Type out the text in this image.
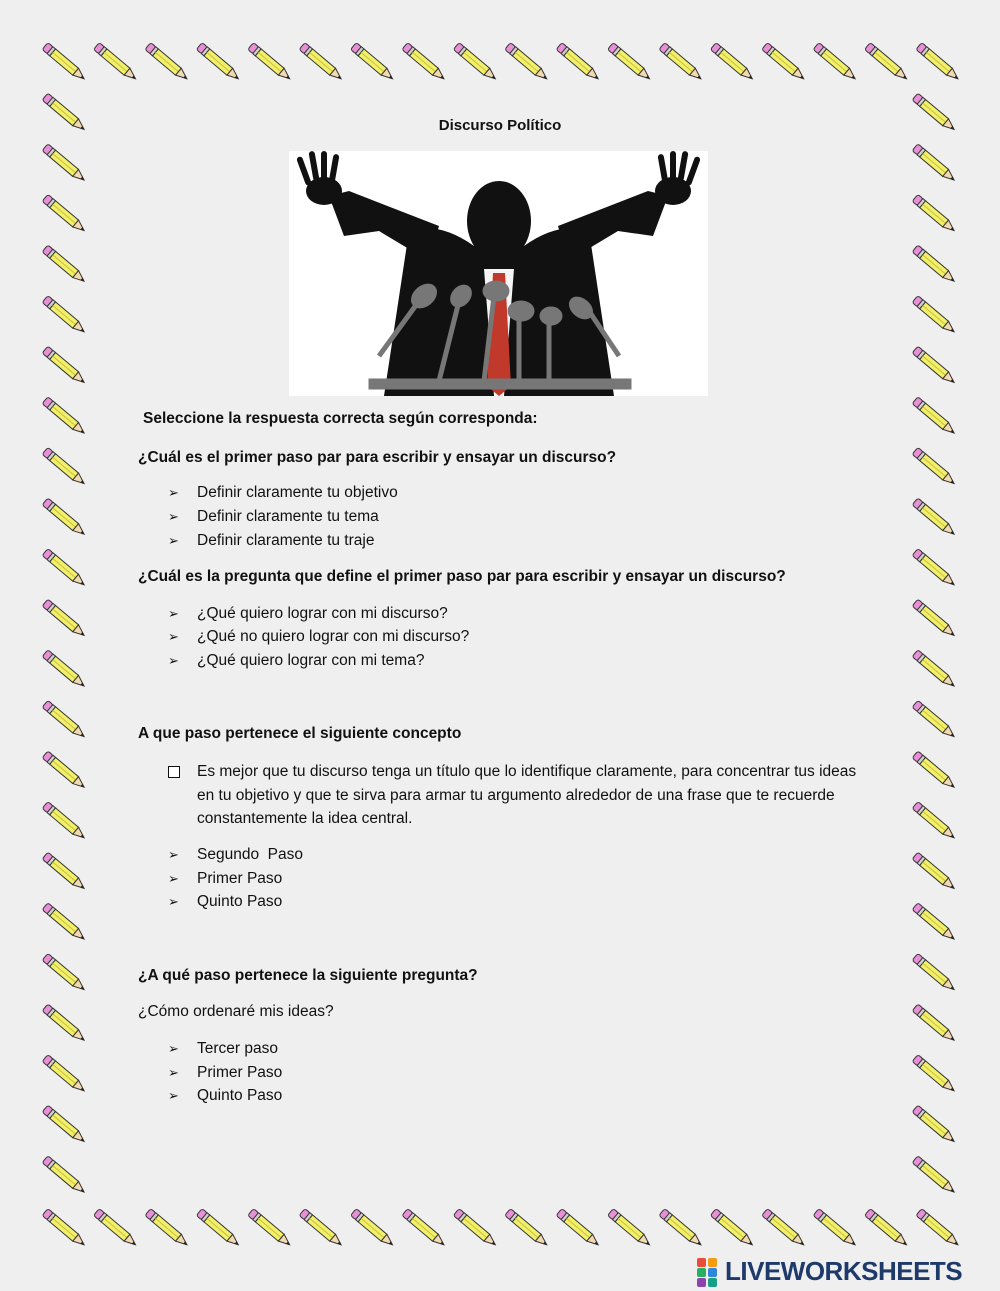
Discurso Político
Seleccione la respuesta correcta según corresponda:
¿Cuál es el primer paso par para escribir y ensayar un discurso?
➢ Definir claramente tu objetivo
➢ Definir claramente tu tema
➢ Definir claramente tu traje
¿Cuál es la pregunta que define el primer paso par para escribir y ensayar un discurso?
➢ ¿Qué quiero lograr con mi discurso?
➢ ¿Qué no quiero lograr con mi discurso?
➢ ¿Qué quiero lograr con mi tema?
A que paso pertenece el siguiente concepto
Es mejor que tu discurso tenga un título que lo identifique claramente, para concentrar tus ideas en tu objetivo y que te sirva para armar tu argumento alrededor de una frase que te recuerde constantemente la idea central.
➢ Segundo  Paso
➢ Primer Paso
➢ Quinto Paso
¿A qué paso pertenece la siguiente pregunta?
¿Cómo ordenaré mis ideas?
➢ Tercer paso
➢ Primer Paso
➢ Quinto Paso
LIVEWORKSHEETS
